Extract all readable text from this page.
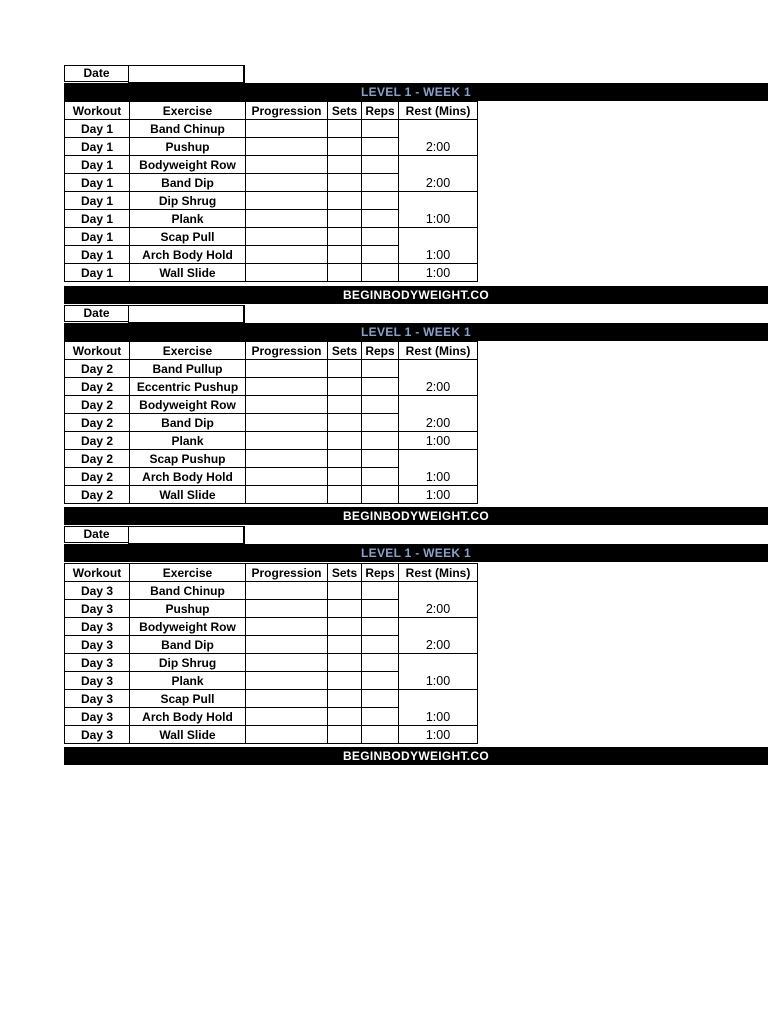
Date
LEVEL 1 - WEEK 1
Workout	Exercise	Progression	Sets	Reps	Rest (Mins)
Day 1	Band Chinup				2:00
Day 1	Pushup				
Day 1	Bodyweight Row				2:00
Day 1	Band Dip				
Day 1	Dip Shrug				1:00
Day 1	Plank				
Day 1	Scap Pull				1:00
Day 1	Arch Body Hold				
Day 1	Wall Slide				1:00
BEGINBODYWEIGHT.CO
Date
LEVEL 1 - WEEK 1
Workout	Exercise	Progression	Sets	Reps	Rest (Mins)
Day 2	Band Pullup				2:00
Day 2	Eccentric Pushup				
Day 2	Bodyweight Row				2:00
Day 2	Band Dip				
Day 2	Plank				1:00
Day 2	Scap Pushup				1:00
Day 2	Arch Body Hold				
Day 2	Wall Slide				1:00
BEGINBODYWEIGHT.CO
Date
LEVEL 1 - WEEK 1
Workout	Exercise	Progression	Sets	Reps	Rest (Mins)
Day 3	Band Chinup				2:00
Day 3	Pushup				
Day 3	Bodyweight Row				2:00
Day 3	Band Dip				
Day 3	Dip Shrug				1:00
Day 3	Plank				
Day 3	Scap Pull				1:00
Day 3	Arch Body Hold				
Day 3	Wall Slide				1:00
BEGINBODYWEIGHT.CO
